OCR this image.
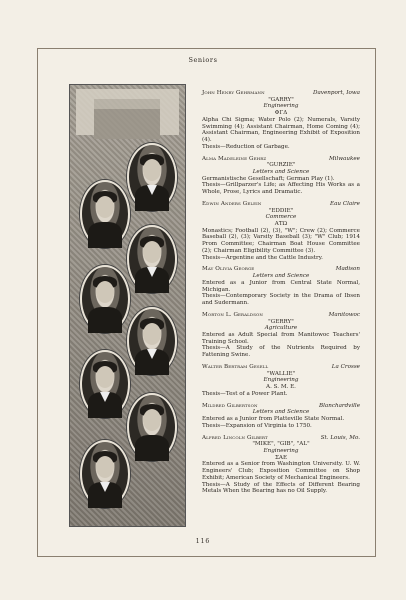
Seniors
John Henry Gehrmann	Davenport, Iowa
"GARRY"
Engineering
ΦΓΔ
Alpha Chi Sigma; Water Polo (2); Numerals, Varsity Swimming (4); Assistant Chairman, Home Coming (4); Assistant Chairman, Engineering Exhibit of Exposition (4).
Thesis—Reduction of Garbage.
Alma Madeleine Gehrz	Milwaukee
"GURZIE"
Letters and Science
Germanistische Gesellschaft; German Play (1).
Thesis—Grillparzer's Life; as Affecting His Works as a Whole, Prose, Lyrics and Dramatic.
Edwin Anders Gelein	Eau Claire
"EDDIE"
Commerce
ΑΤΩ
Monastics; Football (2), (3), "W"; Crew (2); Commerce Baseball (2), (3); Varsity Baseball (3); "W" Club; 1914 Prom Committee; Chairman Boat House Committee (2); Chairman Eligibility Committee (3).
Thesis—Argentine and the Cattle Industry.
May Olivia George	Madison
Letters and Science
Entered as a Junior from Central State Normal, Michigan.
Thesis—Contemporary Society in the Drama of Ibsen and Sudermann.
Morton L. Geraldson	Manitowoc
"GERRY"
Agriculture
Entered as Adult Special from Manitowoc Teachers' Training School.
Thesis—A Study of the Nutrients Required by Fattening Swine.
Walter Bertram Gesell	La Crosse
"WALLIE"
Engineering
A. S. M. E.
Thesis—Test of a Power Plant.
Mildred Gilbertson	Blanchardville
Letters and Science
Entered as a Junior from Platteville State Normal.
Thesis—Expansion of Virginia to 1750.
Alfred Lincoln Gilbert	St. Louis, Mo.
"MIKE", "GIB", "AL"
Engineering
ΣΑΕ
Entered as a Senior from Washington University. U. W. Engineers' Club; Exposition Committee on Shop Exhibit; American Society of Mechanical Engineers.
Thesis—A Study of the Effects of Different Bearing Metals When the Bearing has no Oil Supply.
116
